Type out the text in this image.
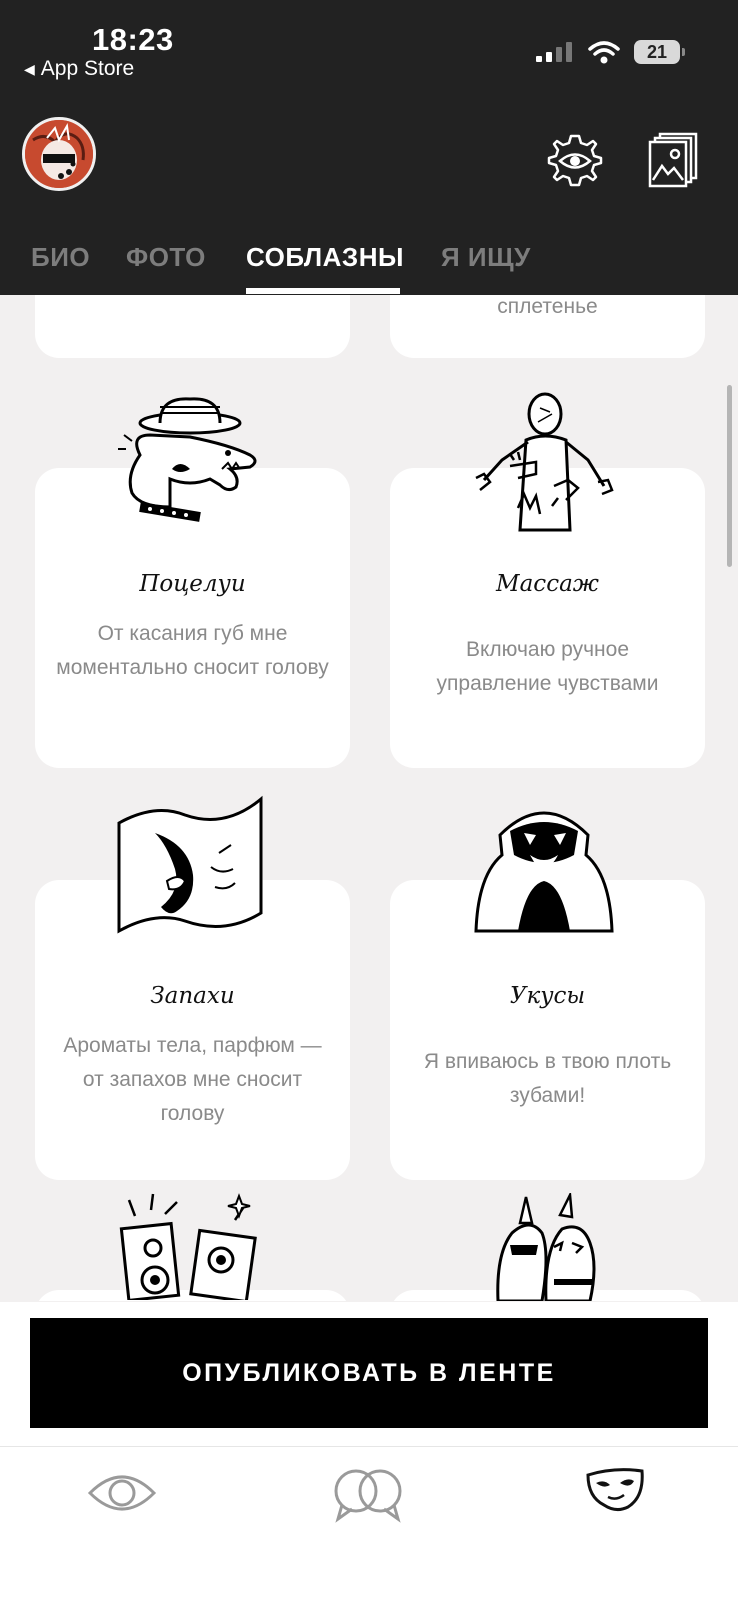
18:23
◀ App Store
21
БИО ФОТО СОБЛАЗНЫ Я ИЩУ
сплетенье
Поцелуи
От касания губ мне моментально сносит голову
Массаж
Включаю ручное управление чувствами
Запахи
Ароматы тела, парфюм — от запахов мне сносит голову
Укусы
Я впиваюсь в твою плоть зубами!
ОПУБЛИКОВАТЬ В ЛЕНТЕ
